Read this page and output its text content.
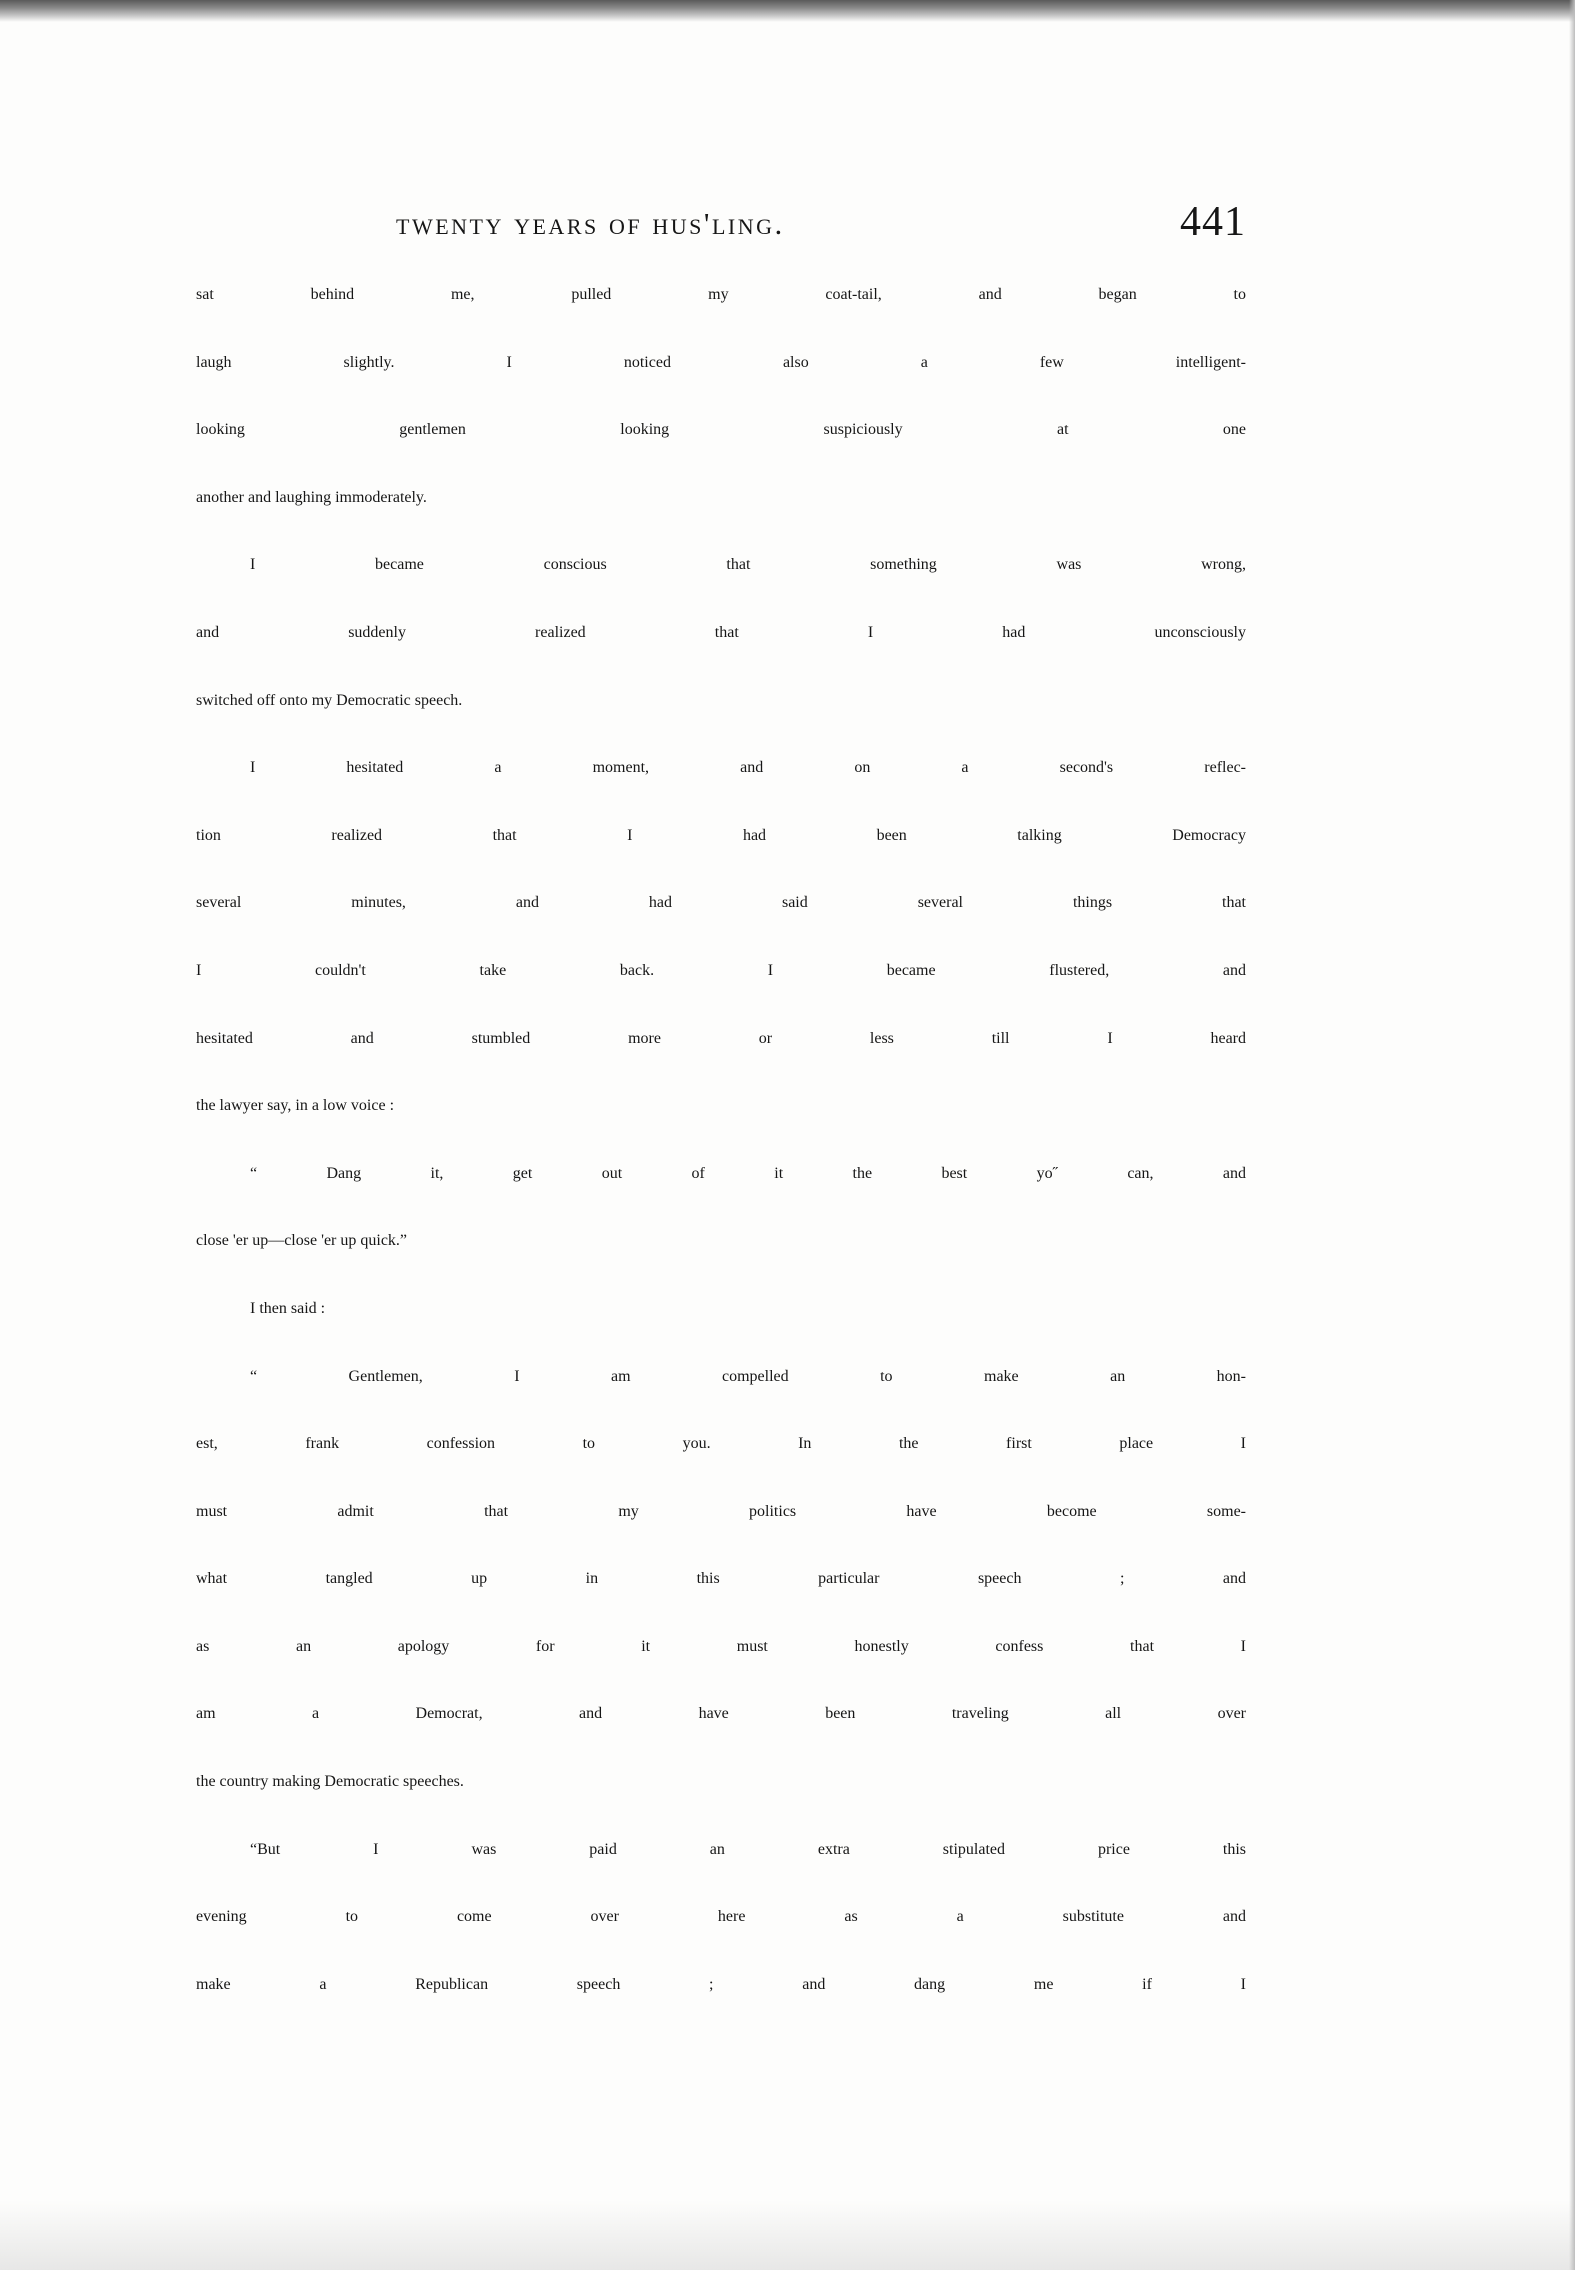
twenty years of hus'ling.	441
sat behind me, pulled my coat-tail, and began to
laugh slightly. I noticed also a few intelligent-
looking gentlemen looking suspiciously at one
another and laughing immoderately.
I became conscious that something was wrong,
and suddenly realized that I had unconsciously
switched off onto my Democratic speech.
I hesitated a moment, and on a second's reflec-
tion realized that I had been talking Democracy
several minutes, and had said several things that
I couldn't take back. I became flustered, and
hesitated and stumbled more or less till I heard
the lawyer say, in a low voice :
“ Dang it, get out of it the best yo˝ can, and
close 'er up—close 'er up quick.”
I then said :
“ Gentlemen, I am compelled to make an hon-
est, frank confession to you. In the first place I
must admit that my politics have become some-
what tangled up in this particular speech ; and
as an apology for it must honestly confess that I
am a Democrat, and have been traveling all over
the country making Democratic speeches.
“But I was paid an extra stipulated price this
evening to come over here as a substitute and
make a Republican speech ; and dang me if I
